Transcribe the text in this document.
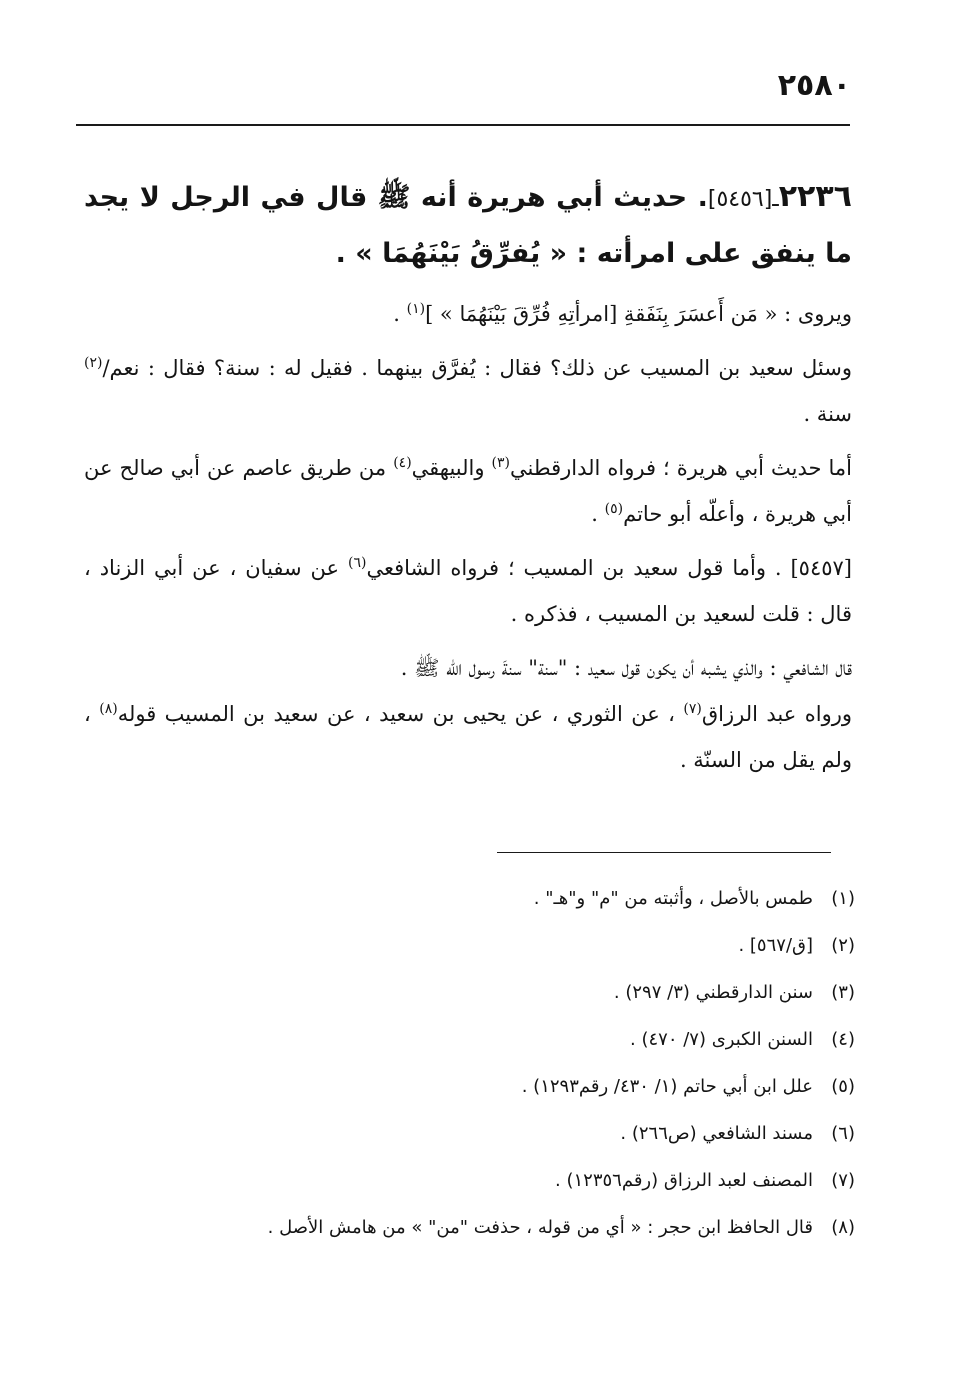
٢٥٨٠

٢٢٣٦ـ[٥٤٥٦]. حديث أبي هريرة أنه ﷺ قال في الرجل لا يجد ما ينفق على امرأته : « يُفرِّقُ بَيْنَهُمَا » .

ويروى : « مَن أَعسَرَ بِنَفَقةِ [امرأتِهِ فُرِّقَ بَيْنَهُمَا » ]$^{(١)}$ .

وسئل سعيد بن المسيب عن ذلك؟ فقال : يُفرَّق بينهما . فقيل له : سنة؟ فقال : نعم/$^{(٢)}$ سنة .

أما حديث أبي هريرة ؛ فرواه الدارقطني$^{(٣)}$ والبيهقي$^{(٤)}$ من طريق عاصم عن أبي صالح عن أبي هريرة ، وأعلّه أبو حاتم$^{(٥)}$ .

[٥٤٥٧] . وأما قول سعيد بن المسيب ؛ فرواه الشافعي$^{(٦)}$ عن سفيان ، عن أبي الزناد ، قال : قلت لسعيد بن المسيب ، فذكره .

قال الشافعي : والذي يشبه أن يكون قول سعيد : "سنة" سنةَ رسول الله ﷺ .

ورواه عبد الرزاق$^{(٧)}$ ، عن الثوري ، عن يحيى بن سعيد ، عن سعيد بن المسيب قوله$^{(٨)}$ ، ولم يقل من السنّة .

(١)طمس بالأصل ، وأثبته من "م" و"هـ" .
(٢)[ق/٥٦٧] .
(٣)سنن الدارقطني (٣/ ٢٩٧) .
(٤)السنن الكبرى (٧/ ٤٧٠) .
(٥)علل ابن أبي حاتم (١/ ٤٣٠/ رقم١٢٩٣) .
(٦)مسند الشافعي (ص٢٦٦) .
(٧)المصنف لعبد الرزاق (رقم١٢٣٥٦) .
(٨)قال الحافظ ابن حجر : « أي من قوله ، حذفت "من" » من هامش الأصل .
